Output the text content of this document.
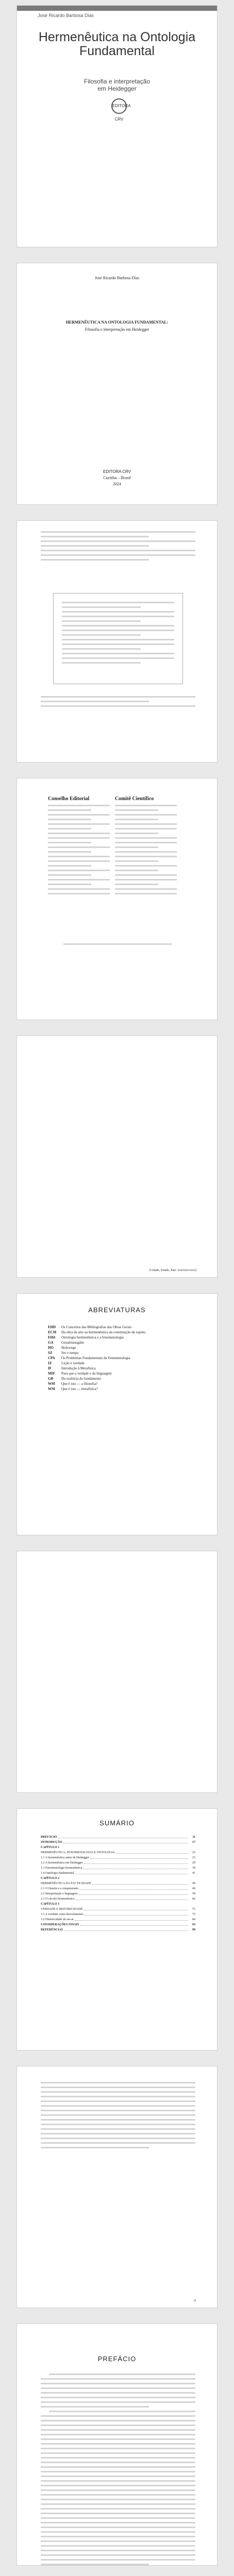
José Ricardo Barbosa Dias
Hermenêutica na Ontologia Fundamental
Filosofia e interpretação
em Heidegger
EDITORA CRV
José Ricardo Barbosa Dias
HERMENÊUTICA NA ONTOLOGIA FUNDAMENTAL:
Filosofia e interpretação em Heidegger
EDITORA CRV
Curitiba – Brasil
2024
Conselho Editorial	Comitê Científico
[Cidade, Estado, Pais: xxxxxxx/xxxx]
ABREVIATURAS
EHD Os Conceitos das Bibliografias das Obras Gerais
ECM Da obra de arte na hermenêutica da constituição de sujeito
EHd Ontologia hermenêutica e a fenomenologia
GA Gesamtausgabe
HO Holzwege
SZ Ser e tempo
CPA Os Problemas Fundamentais da Fenomenologia
IZ	Lição e verdade
IF	Introdução à Metafísica
MIF Para que a verdade e da linguagem
GB Da essência do fundamento
WM Que é isto — a filosofia?
WM Que é isto — metafísica?
SUMÁRIO
PREFÁCIO	11
INTRODUÇÃO	17
CAPÍTULO 1
HERMENÊUTICA, FENOMENOLOGIA E ONTOLOGIA	23
1.1 A hermenêutica antes de Heidegger	23
1.2 A hermenêutica em Heidegger	29
1.3 Fenomenologia hermenêutica	34
1.4 Ontologia fundamental	41
CAPÍTULO 2
HERMENÊUTICA DA FACTICIDADE	49
2.1 O Dasein e a compreensão	49
2.2 Interpretação e linguagem	58
2.3 O círculo hermenêutico	66
CAPÍTULO 3
VERDADE E HISTORICIDADE	75
3.1 A verdade como desvelamento	75
3.2 Historicidade do ser-aí	84
CONSIDERAÇÕES FINAIS	93
REFERÊNCIAS	99
11
PREFÁCIO
